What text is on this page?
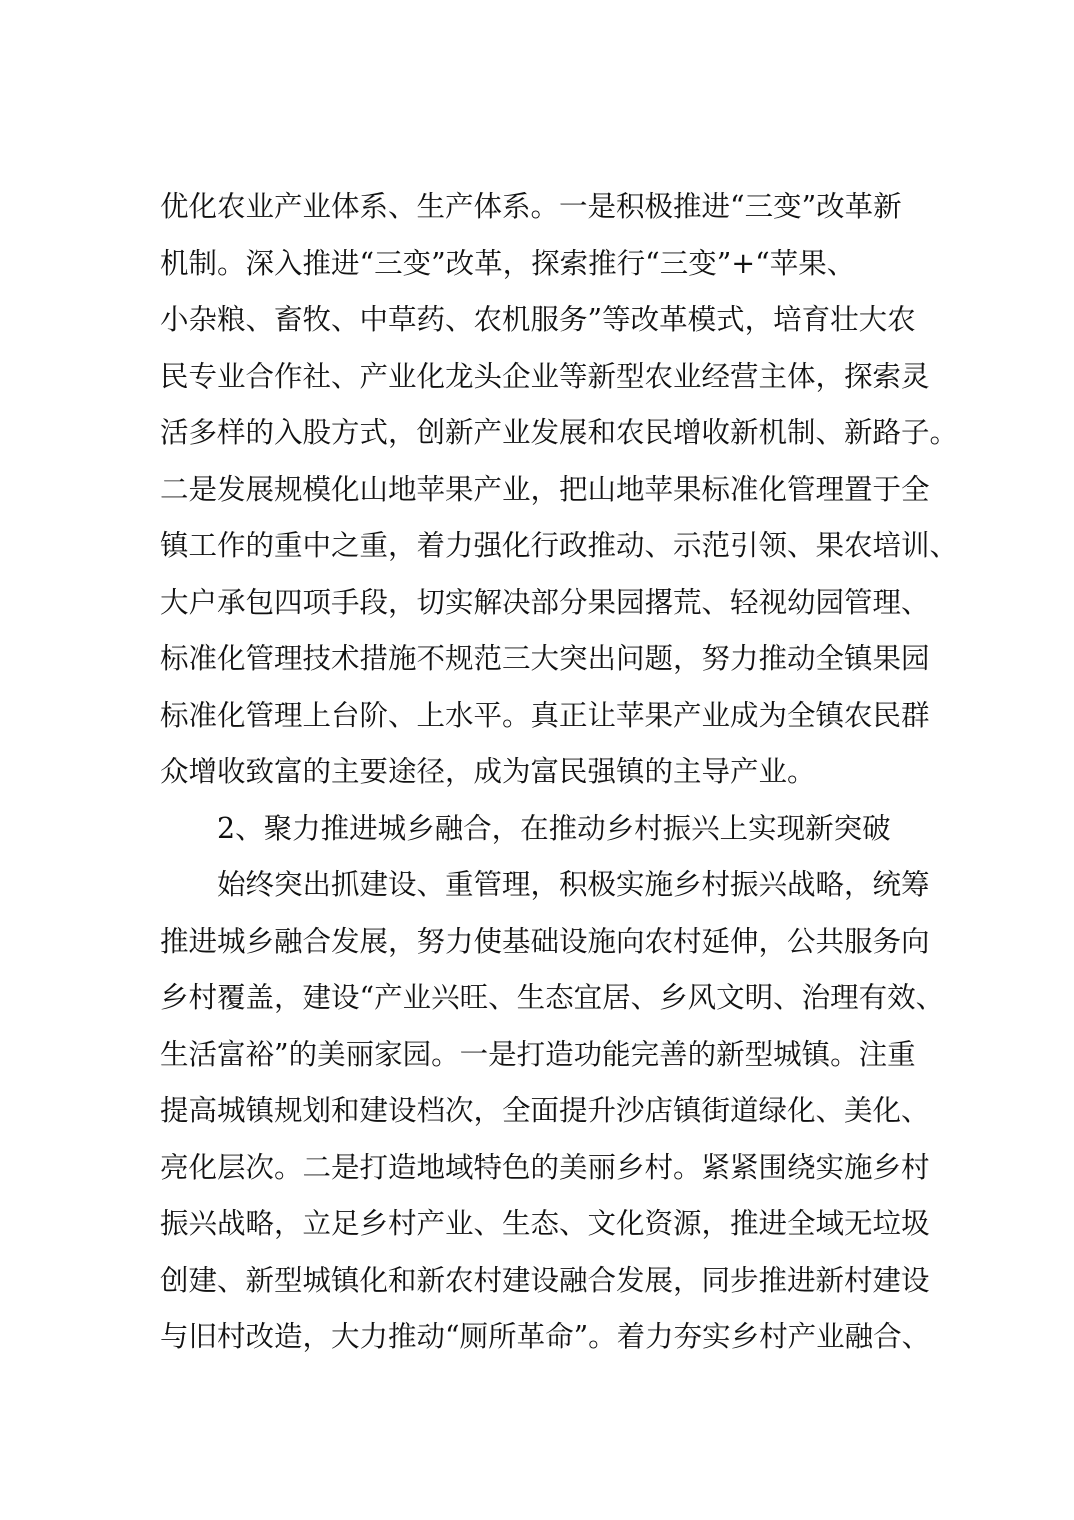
优化农业产业体系、生产体系。一是积极推进“三变”改革新
机制。深入推进“三变”改革，探索推行“三变”+“苹果、
小杂粮、畜牧、中草药、农机服务”等改革模式，培育壮大农
民专业合作社、产业化龙头企业等新型农业经营主体，探索灵
活多样的入股方式，创新产业发展和农民增收新机制、新路子。
二是发展规模化山地苹果产业，把山地苹果标准化管理置于全
镇工作的重中之重，着力强化行政推动、示范引领、果农培训、
大户承包四项手段，切实解决部分果园撂荒、轻视幼园管理、
标准化管理技术措施不规范三大突出问题，努力推动全镇果园
标准化管理上台阶、上水平。真正让苹果产业成为全镇农民群
众增收致富的主要途径，成为富民强镇的主导产业。
2、聚力推进城乡融合，在推动乡村振兴上实现新突破
始终突出抓建设、重管理，积极实施乡村振兴战略，统筹
推进城乡融合发展，努力使基础设施向农村延伸，公共服务向
乡村覆盖，建设“产业兴旺、生态宜居、乡风文明、治理有效、
生活富裕”的美丽家园。一是打造功能完善的新型城镇。注重
提高城镇规划和建设档次，全面提升沙店镇街道绿化、美化、
亮化层次。二是打造地域特色的美丽乡村。紧紧围绕实施乡村
振兴战略，立足乡村产业、生态、文化资源，推进全域无垃圾
创建、新型城镇化和新农村建设融合发展，同步推进新村建设
与旧村改造，大力推动“厕所革命”。着力夯实乡村产业融合、
